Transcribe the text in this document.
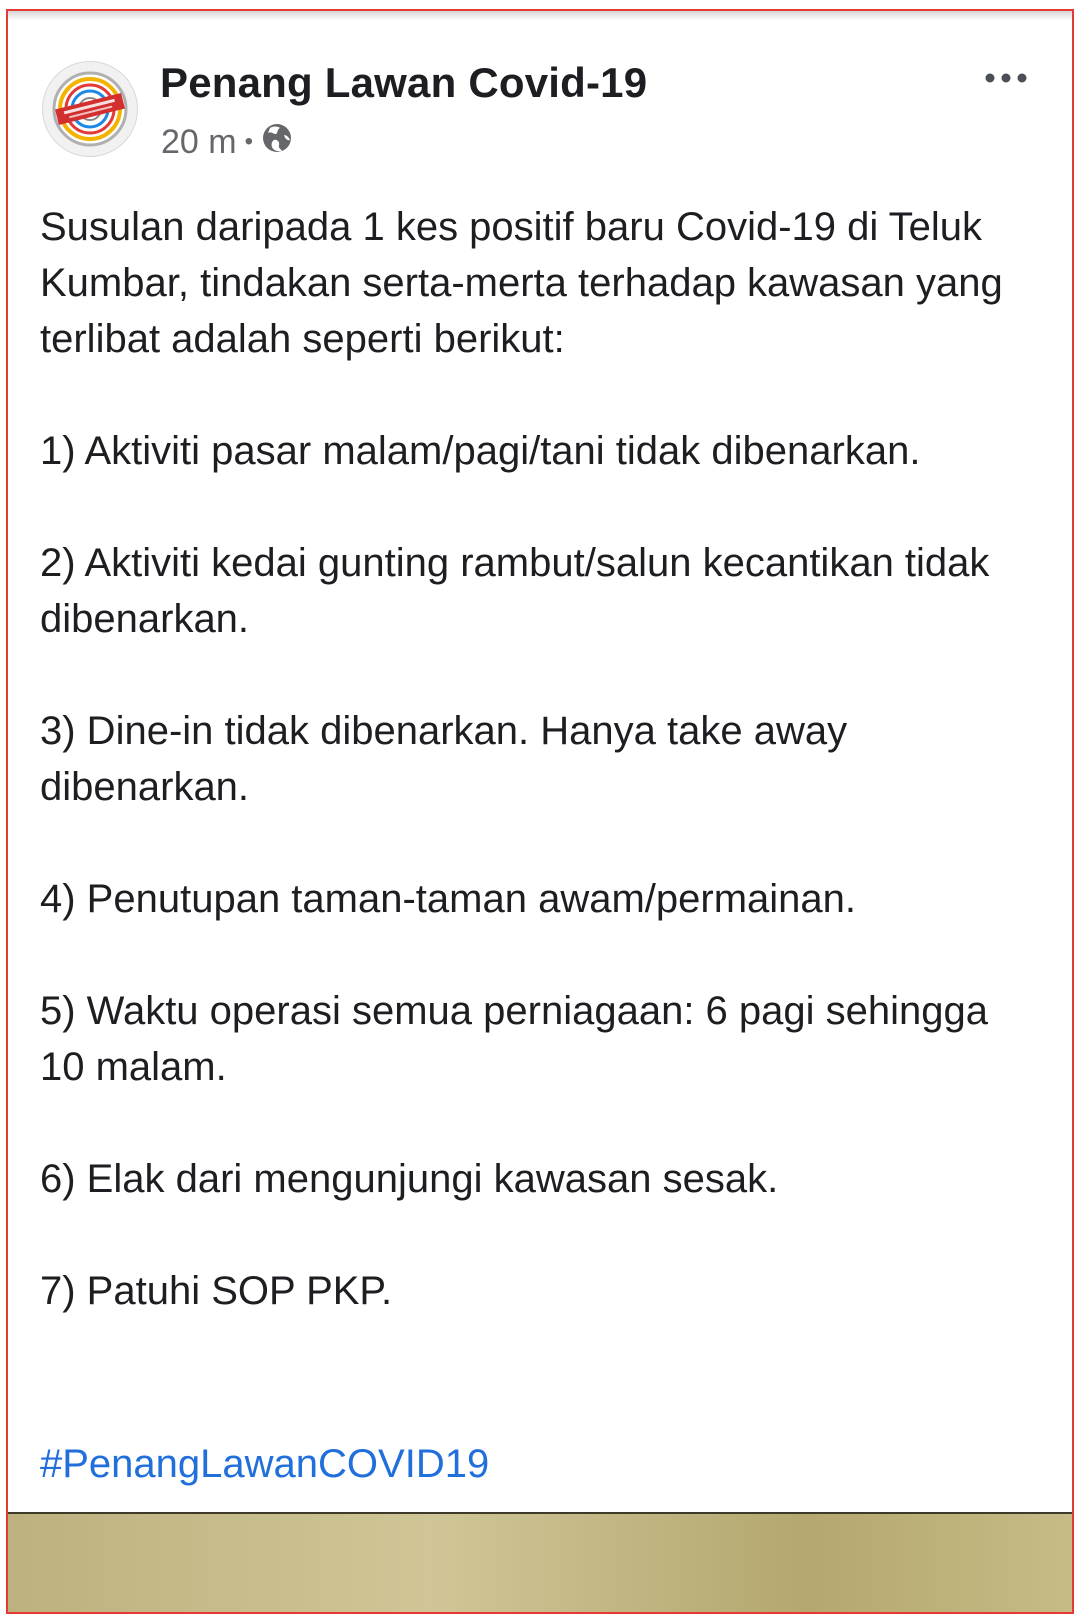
Penang Lawan Covid-19
20 m •

Susulan daripada 1 kes positif baru Covid-19 di Teluk Kumbar, tindakan serta-merta terhadap kawasan yang terlibat adalah seperti berikut:

1) Aktiviti pasar malam/pagi/tani tidak dibenarkan.

2) Aktiviti kedai gunting rambut/salun kecantikan tidak dibenarkan.

3) Dine-in tidak dibenarkan. Hanya take away dibenarkan.

4) Penutupan taman-taman awam/permainan.

5) Waktu operasi semua perniagaan: 6 pagi sehingga 10 malam.

6) Elak dari mengunjungi kawasan sesak.

7) Patuhi SOP PKP.

#PenangLawanCOVID19
